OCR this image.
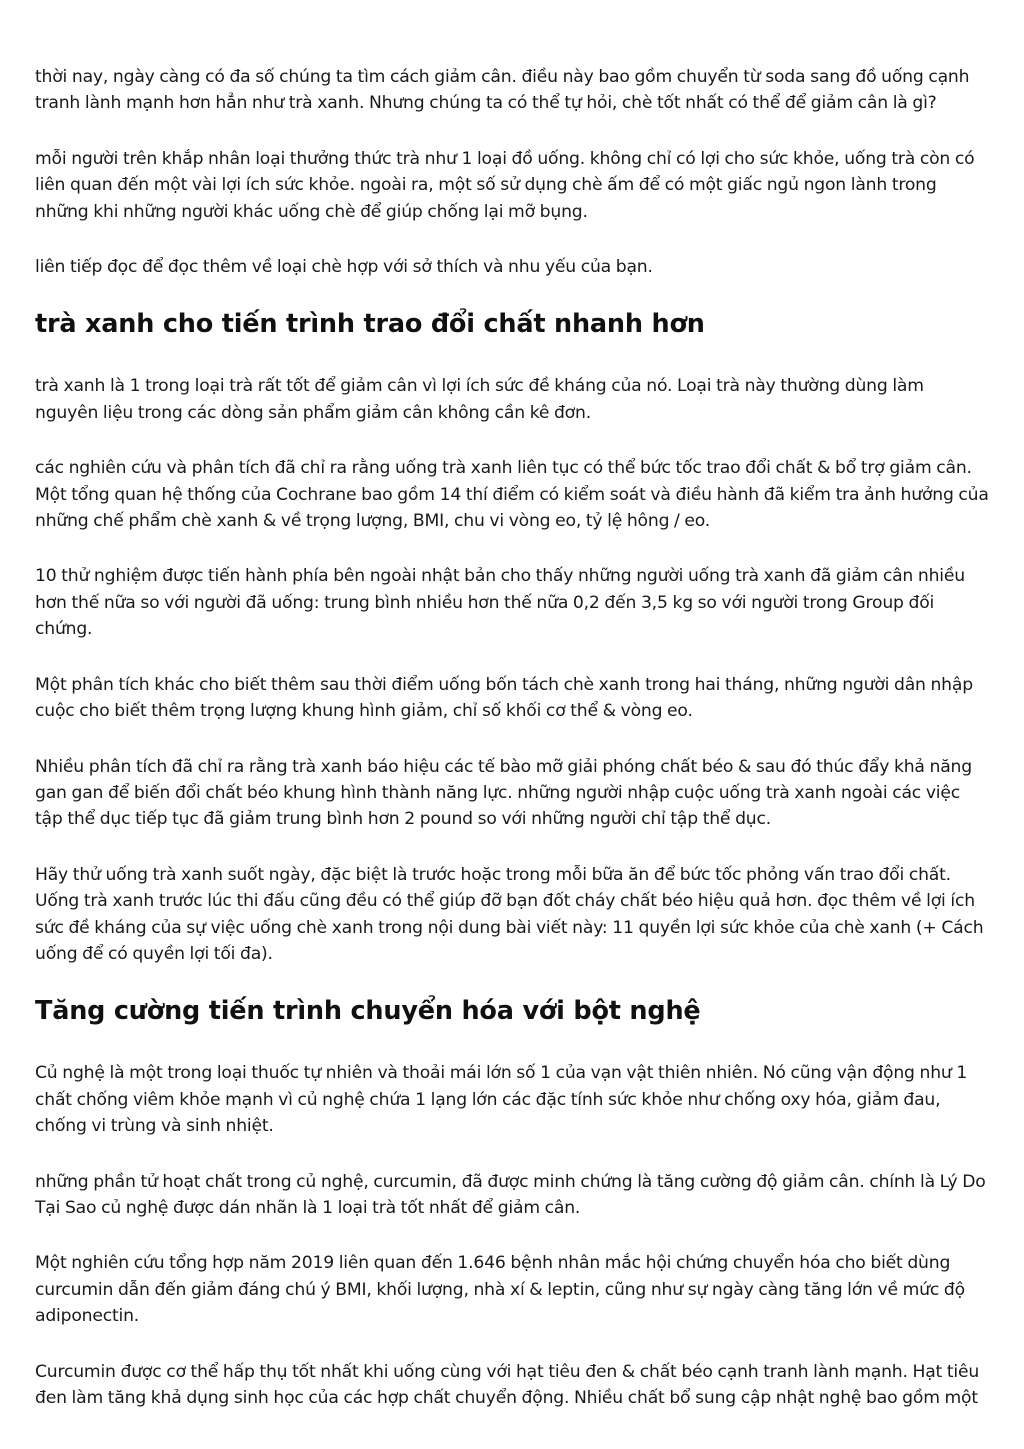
thời nay, ngày càng có đa số chúng ta tìm cách giảm cân. điều này bao gồm chuyển từ soda sang đồ uống cạnh tranh lành mạnh hơn hẳn như trà xanh. Nhưng chúng ta có thể tự hỏi, chè tốt nhất có thể để giảm cân là gì?

mỗi người trên khắp nhân loại thưởng thức trà như 1 loại đồ uống. không chỉ có lợi cho sức khỏe, uống trà còn có liên quan đến một vài lợi ích sức khỏe. ngoài ra, một số sử dụng chè ấm để có một giấc ngủ ngon lành trong những khi những người khác uống chè để giúp chống lại mỡ bụng.

liên tiếp đọc để đọc thêm về loại chè hợp với sở thích và nhu yếu của bạn.

trà xanh cho tiến trình trao đổi chất nhanh hơn

trà xanh là 1 trong loại trà rất tốt để giảm cân vì lợi ích sức đề kháng của nó. Loại trà này thường dùng làm nguyên liệu trong các dòng sản phẩm giảm cân không cần kê đơn.

các nghiên cứu và phân tích đã chỉ ra rằng uống trà xanh liên tục có thể bức tốc trao đổi chất & bổ trợ giảm cân. Một tổng quan hệ thống của Cochrane bao gồm 14 thí điểm có kiểm soát và điều hành đã kiểm tra ảnh hưởng của những chế phẩm chè xanh & về trọng lượng, BMI, chu vi vòng eo, tỷ lệ hông / eo.

10 thử nghiệm được tiến hành phía bên ngoài nhật bản cho thấy những người uống trà xanh đã giảm cân nhiều hơn thế nữa so với người đã uống: trung bình nhiều hơn thế nữa 0,2 đến 3,5 kg so với người trong Group đối chứng.

Một phân tích khác cho biết thêm sau thời điểm uống bốn tách chè xanh trong hai tháng, những người dân nhập cuộc cho biết thêm trọng lượng khung hình giảm, chỉ số khối cơ thể & vòng eo.

Nhiều phân tích đã chỉ ra rằng trà xanh báo hiệu các tế bào mỡ giải phóng chất béo & sau đó thúc đẩy khả năng gan gan để biến đổi chất béo khung hình thành năng lực. những người nhập cuộc uống trà xanh ngoài các việc tập thể dục tiếp tục đã giảm trung bình hơn 2 pound so với những người chỉ tập thể dục.

Hãy thử uống trà xanh suốt ngày, đặc biệt là trước hoặc trong mỗi bữa ăn để bức tốc phỏng vấn trao đổi chất. Uống trà xanh trước lúc thi đấu cũng đều có thể giúp đỡ bạn đốt cháy chất béo hiệu quả hơn. đọc thêm về lợi ích sức đề kháng của sự việc uống chè xanh trong nội dung bài viết này: 11 quyền lợi sức khỏe của chè xanh (+ Cách uống để có quyền lợi tối đa).

Tăng cường tiến trình chuyển hóa với bột nghệ

Củ nghệ là một trong loại thuốc tự nhiên và thoải mái lớn số 1 của vạn vật thiên nhiên. Nó cũng vận động như 1 chất chống viêm khỏe mạnh vì củ nghệ chứa 1 lạng lớn các đặc tính sức khỏe như chống oxy hóa, giảm đau, chống vi trùng và sinh nhiệt.

những phần tử hoạt chất trong củ nghệ, curcumin, đã được minh chứng là tăng cường độ giảm cân. chính là Lý Do Tại Sao củ nghệ được dán nhãn là 1 loại trà tốt nhất để giảm cân.

Một nghiên cứu tổng hợp năm 2019 liên quan đến 1.646 bệnh nhân mắc hội chứng chuyển hóa cho biết dùng curcumin dẫn đến giảm đáng chú ý BMI, khối lượng, nhà xí & leptin, cũng như sự ngày càng tăng lớn về mức độ adiponectin.

Curcumin được cơ thể hấp thụ tốt nhất khi uống cùng với hạt tiêu đen & chất béo cạnh tranh lành mạnh. Hạt tiêu đen làm tăng khả dụng sinh học của các hợp chất chuyển động. Nhiều chất bổ sung cập nhật nghệ bao gồm một
